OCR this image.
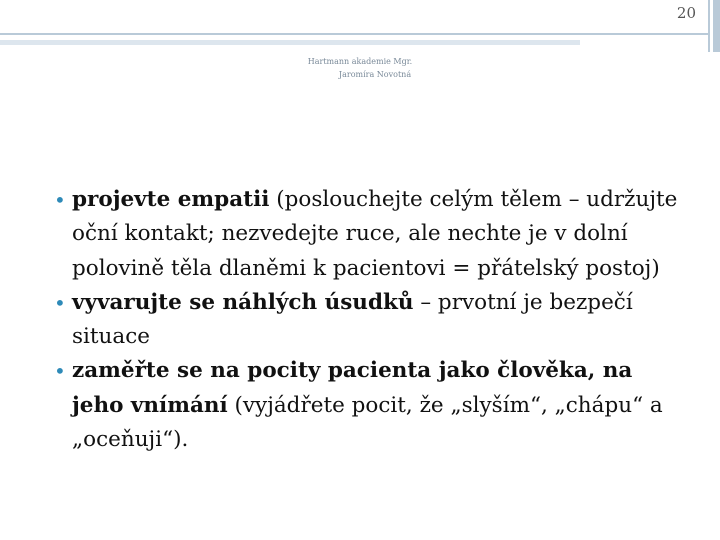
20
Hartmann akademie Mgr.
Jaromíra Novotná
• projevte empatii (poslouchejte celým tělem – udržujte oční kontakt; nezvedejte ruce, ale nechte je v dolní polovině těla dlaněmi k pacientovi = přátelský postoj)
• vyvarujte se náhlých úsudků – prvotní je bezpečí situace
• zaměřte se na pocity pacienta jako člověka, na jeho vnímání (vyjádřete pocit, že „slyším“, „chápu“ a „oceňuji“).
